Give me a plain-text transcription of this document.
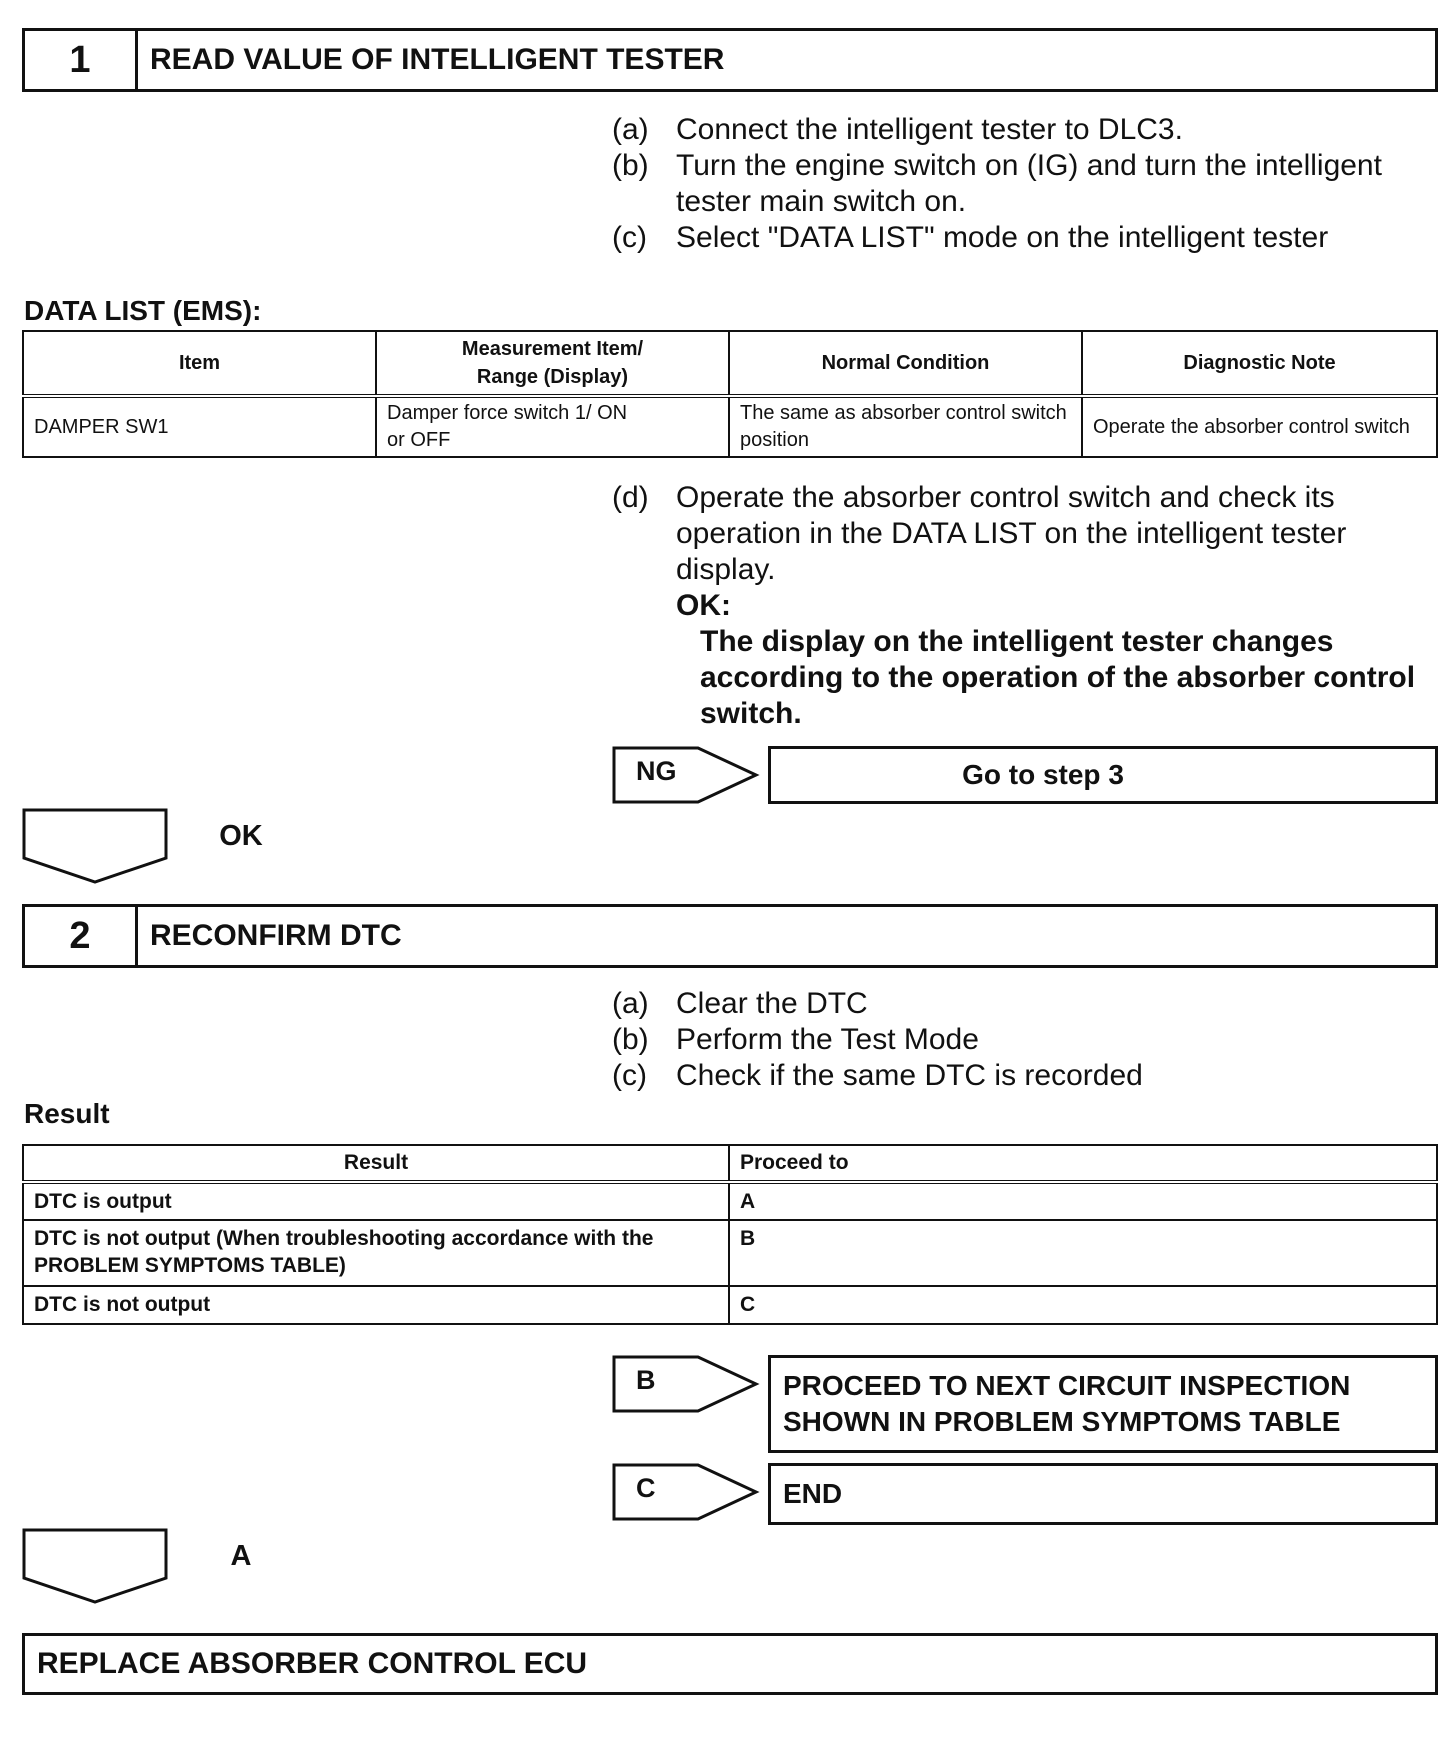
1	READ VALUE OF INTELLIGENT TESTER
(a) Connect the intelligent tester to DLC3.
(b) Turn the engine switch on (IG) and turn the intelligent tester main switch on.
(c) Select "DATA LIST" mode on the intelligent tester
DATA LIST (EMS):
Item	Measurement Item/ Range (Display)	Normal Condition	Diagnostic Note
DAMPER SW1	Damper force switch 1/ ON or OFF	The same as absorber control switch position	Operate the absorber control switch
(d) Operate the absorber control switch and check its operation in the DATA LIST on the intelligent tester display.
OK:
The display on the intelligent tester changes according to the operation of the absorber control switch.
NG	Go to step 3
OK
2	RECONFIRM DTC
(a) Clear the DTC
(b) Perform the Test Mode
(c) Check if the same DTC is recorded
Result
Result	Proceed to
DTC is output	A
DTC is not output (When troubleshooting accordance with the PROBLEM SYMPTOMS TABLE)	B
DTC is not output	C
B	PROCEED TO NEXT CIRCUIT INSPECTION SHOWN IN PROBLEM SYMPTOMS TABLE
C	END
A
REPLACE ABSORBER CONTROL ECU
